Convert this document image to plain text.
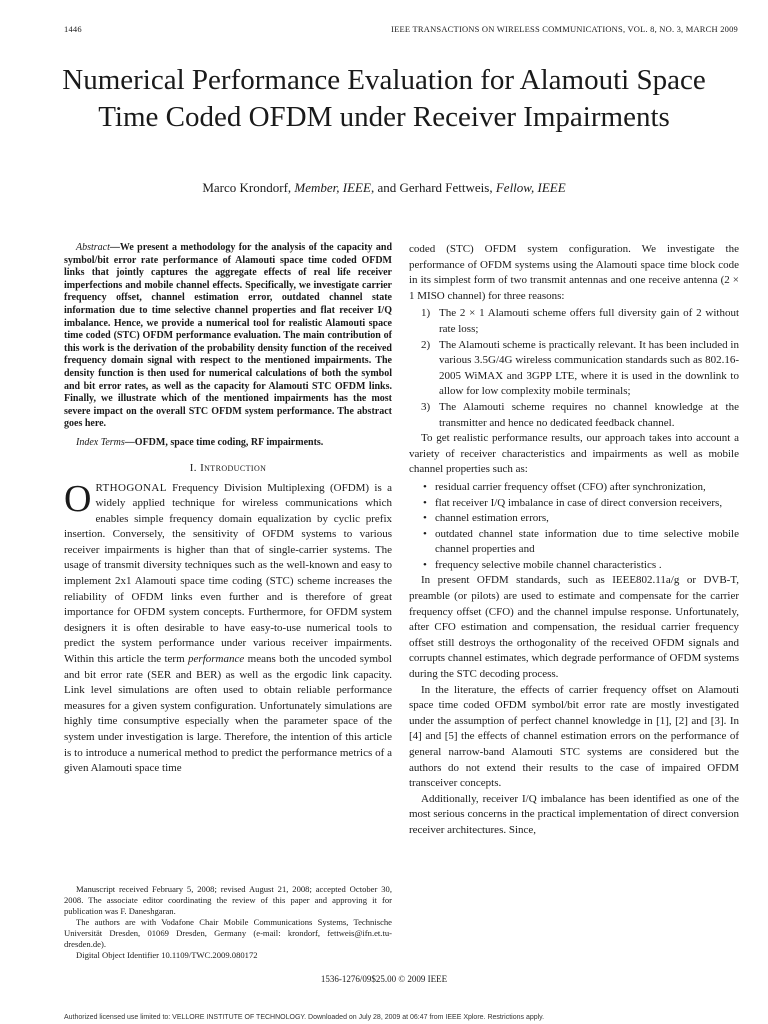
1446	IEEE TRANSACTIONS ON WIRELESS COMMUNICATIONS, VOL. 8, NO. 3, MARCH 2009
Numerical Performance Evaluation for Alamouti Space Time Coded OFDM under Receiver Impairments
Marco Krondorf, Member, IEEE, and Gerhard Fettweis, Fellow, IEEE

Abstract—We present a methodology for the analysis of the capacity and symbol/bit error rate performance of Alamouti space time coded OFDM links that jointly captures the aggregate effects of real life receiver imperfections and mobile channel effects. Specifically, we investigate carrier frequency offset, channel estimation error, outdated channel state information due to time selective channel properties and flat receiver I/Q imbalance. Hence, we provide a numerical tool for realistic Alamouti space time coded (STC) OFDM performance evaluation. The main contribution of this work is the derivation of the probability density function of the received frequency domain signal with respect to the mentioned impairments. The density function is then used for numerical calculations of both the symbol and bit error rates, as well as the capacity for Alamouti STC OFDM links. Finally, we illustrate which of the mentioned impairments has the most severe impact on the overall STC OFDM system performance. The abstract goes here.

Index Terms—OFDM, space time coding, RF impairments.

I. Introduction

ORTHOGONAL Frequency Division Multiplexing (OFDM) is a widely applied technique for wireless communications which enables simple frequency domain equalization by cyclic prefix insertion. Conversely, the sensitivity of OFDM systems to various receiver impairments is higher than that of single-carrier systems. The usage of transmit diversity techniques such as the well-known and easy to implement 2x1 Alamouti space time coding (STC) scheme increases the reliability of OFDM links even further and is therefore of great importance for OFDM system concepts. Furthermore, for OFDM system designers it is often desirable to have easy-to-use numerical tools to predict the system performance under various receiver impairments. Within this article the term performance means both the uncoded symbol and bit error rate (SER and BER) as well as the ergodic link capacity. Link level simulations are often used to obtain reliable performance measures for a given system configuration. Unfortunately simulations are highly time consumptive especially when the parameter space of the system under investigation is large. Therefore, the intention of this article is to introduce a numerical method to predict the performance metrics of a given Alamouti space time

coded (STC) OFDM system configuration. We investigate the performance of OFDM systems using the Alamouti space time block code in its simplest form of two transmit antennas and one receive antenna (2 × 1 MISO channel) for three reasons:

1) The 2 × 1 Alamouti scheme offers full diversity gain of 2 without rate loss;
2) The Alamouti scheme is practically relevant. It has been included in various 3.5G/4G wireless communication standards such as 802.16-2005 WiMAX and 3GPP LTE, where it is used in the downlink to allow for low complexity mobile terminals;
3) The Alamouti scheme requires no channel knowledge at the transmitter and hence no dedicated feedback channel.

To get realistic performance results, our approach takes into account a variety of receiver characteristics and impairments as well as mobile channel properties such as:

• residual carrier frequency offset (CFO) after synchronization,
• flat receiver I/Q imbalance in case of direct conversion receivers,
• channel estimation errors,
• outdated channel state information due to time selective mobile channel properties and
• frequency selective mobile channel characteristics .

In present OFDM standards, such as IEEE802.11a/g or DVB-T, preamble (or pilots) are used to estimate and compensate for the carrier frequency offset (CFO) and the channel impulse response. Unfortunately, after CFO estimation and compensation, the residual carrier frequency offset still destroys the orthogonality of the received OFDM signals and corrupts channel estimates, which degrade performance of OFDM systems during the STC decoding process.

In the literature, the effects of carrier frequency offset on Alamouti space time coded OFDM symbol/bit error rate are mostly investigated under the assumption of perfect channel knowledge in [1], [2] and [3]. In [4] and [5] the effects of channel estimation errors on the performance of general narrow-band Alamouti STC systems are considered but the authors do not extend their results to the case of impaired OFDM transceiver concepts.

Additionally, receiver I/Q imbalance has been identified as one of the most serious concerns in the practical implementation of direct conversion receiver architectures. Since,

Manuscript received February 5, 2008; revised August 21, 2008; accepted October 30, 2008. The associate editor coordinating the review of this paper and approving it for publication was F. Daneshgaran.

The authors are with Vodafone Chair Mobile Communications Systems, Technische Universität Dresden, 01069 Dresden, Germany (e-mail: krondorf, fettweis@ifn.et.tu-dresden.de).

Digital Object Identifier 10.1109/TWC.2009.080172

1536-1276/09$25.00 © 2009 IEEE
Authorized licensed use limited to: VELLORE INSTITUTE OF TECHNOLOGY. Downloaded on July 28, 2009 at 06:47 from IEEE Xplore. Restrictions apply.
